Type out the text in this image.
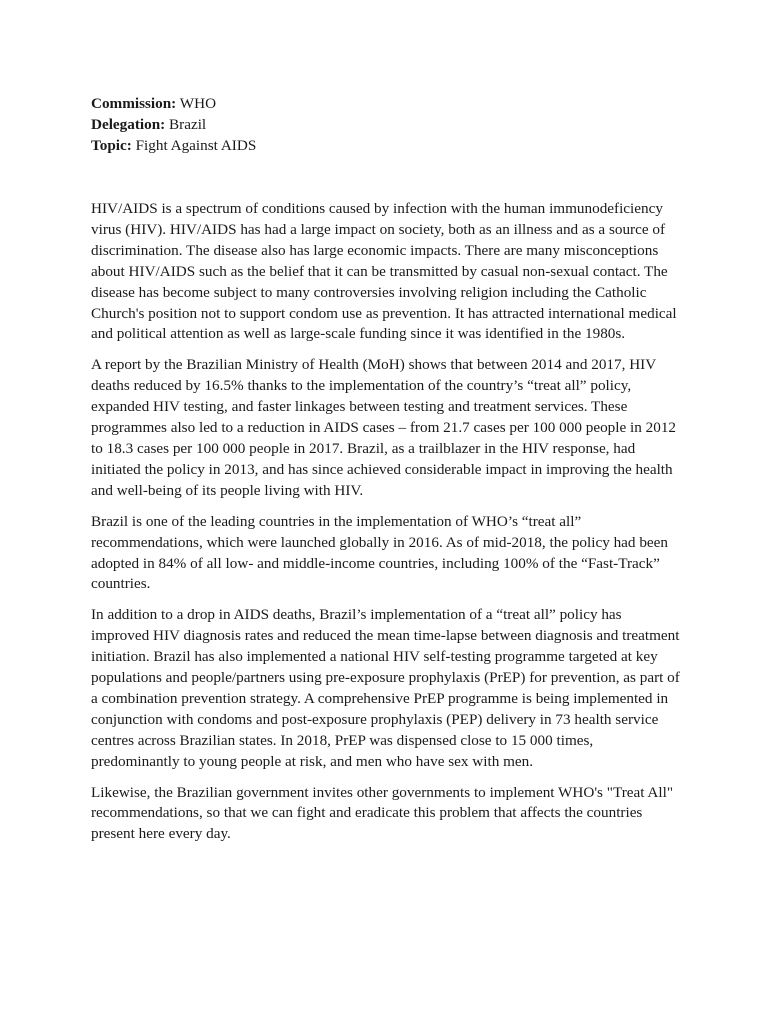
Commission: WHO
Delegation: Brazil
Topic: Fight Against AIDS

HIV/AIDS is a spectrum of conditions caused by infection with the human immunodeficiency
virus (HIV). HIV/AIDS has had a large impact on society, both as an illness and as a source of
discrimination. The disease also has large economic impacts. There are many misconceptions
about HIV/AIDS such as the belief that it can be transmitted by casual non-sexual contact. The
disease has become subject to many controversies involving religion including the Catholic
Church's position not to support condom use as prevention. It has attracted international medical
and political attention as well as large-scale funding since it was identified in the 1980s.

A report by the Brazilian Ministry of Health (MoH) shows that between 2014 and 2017, HIV
deaths reduced by 16.5% thanks to the implementation of the country’s “treat all” policy,
expanded HIV testing, and faster linkages between testing and treatment services. These
programmes also led to a reduction in AIDS cases – from 21.7 cases per 100 000 people in 2012
to 18.3 cases per 100 000 people in 2017. Brazil, as a trailblazer in the HIV response, had
initiated the policy in 2013, and has since achieved considerable impact in improving the health
and well-being of its people living with HIV.

Brazil is one of the leading countries in the implementation of WHO’s “treat all”
recommendations, which were launched globally in 2016. As of mid-2018, the policy had been
adopted in 84% of all low- and middle-income countries, including 100% of the “Fast-Track”
countries.

In addition to a drop in AIDS deaths, Brazil’s implementation of a “treat all” policy has
improved HIV diagnosis rates and reduced the mean time-lapse between diagnosis and treatment
initiation. Brazil has also implemented a national HIV self-testing programme targeted at key
populations and people/partners using pre-exposure prophylaxis (PrEP) for prevention, as part of
a combination prevention strategy. A comprehensive PrEP programme is being implemented in
conjunction with condoms and post-exposure prophylaxis (PEP) delivery in 73 health service
centres across Brazilian states. In 2018, PrEP was dispensed close to 15 000 times,
predominantly to young people at risk, and men who have sex with men.

Likewise, the Brazilian government invites other governments to implement WHO's "Treat All"
recommendations, so that we can fight and eradicate this problem that affects the countries
present here every day.
